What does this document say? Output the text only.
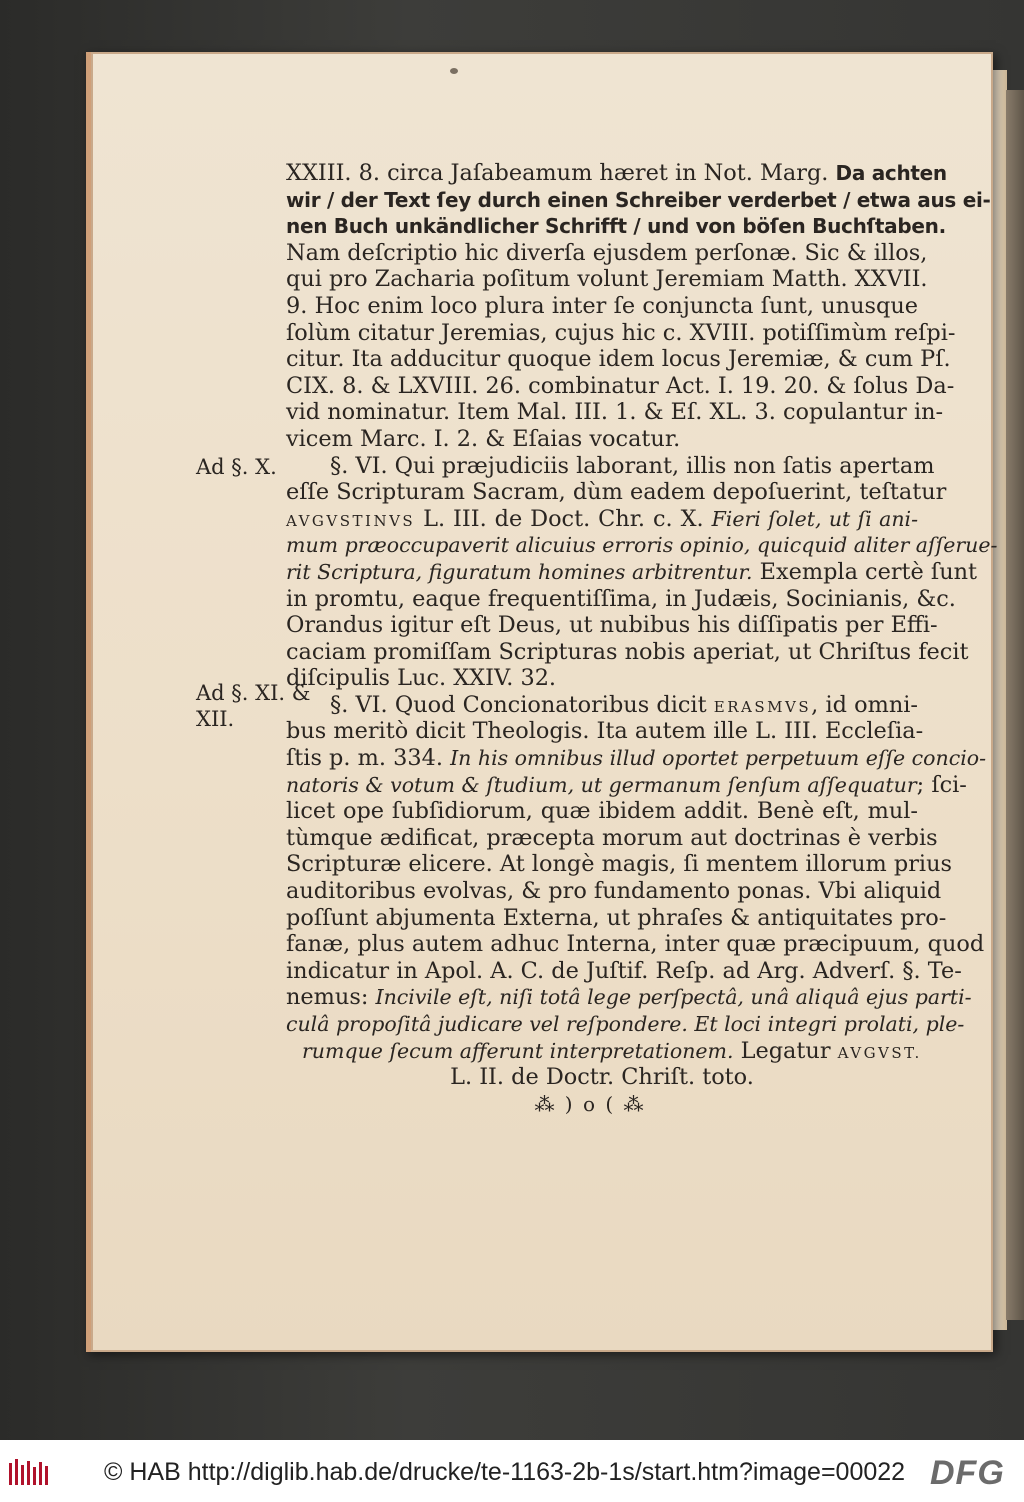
XXIII. 8. circa Jaſabeamum hæret in Not. Marg. Da achten
wir / der Text ſey durch einen Schreiber verderbet / etwa aus ei-
nen Buch unkändlicher Schrifft / und von böſen Buchſtaben.
Nam deſcriptio hic diverſa ejusdem perſonæ. Sic & illos,
qui pro Zacharia poſitum volunt Jeremiam Matth. XXVII.
9. Hoc enim loco plura inter ſe conjuncta ſunt, unusque
ſolùm citatur Jeremias, cujus hic c. XVIII. potiſſimùm reſpi-
citur. Ita adducitur quoque idem locus Jeremiæ, & cum Pſ.
CIX. 8. & LXVIII. 26. combinatur Act. I. 19. 20. & ſolus Da-
vid nominatur. Item Mal. III. 1. & Eſ. XL. 3. copulantur in-
vicem Marc. I. 2. & Eſaias vocatur.
§. VI. Qui præjudiciis laborant, illis non ſatis apertam
eſſe Scripturam Sacram, dùm eadem depoſuerint, teſtatur
AVGVSTINVS L. III. de Doct. Chr. c. X. Fieri ſolet, ut ſi ani-
mum præoccupaverit alicuius erroris opinio, quicquid aliter aſſerue-
rit Scriptura, figuratum homines arbitrentur. Exempla certè ſunt
in promtu, eaque frequentiſſima, in Judæis, Socinianis, &c.
Orandus igitur eſt Deus, ut nubibus his diſſipatis per Effi-
caciam promiſſam Scripturas nobis aperiat, ut Chriſtus fecit
diſcipulis Luc. XXIV. 32.
§. VI. Quod Concionatoribus dicit ERASMVS, id omni-
bus meritò dicit Theologis. Ita autem ille L. III. Eccleſia-
ſtis p. m. 334. In his omnibus illud oportet perpetuum eſſe concio-
natoris & votum & ſtudium, ut germanum ſenſum aſſequatur; ſci-
licet ope ſubſidiorum, quæ ibidem addit. Benè eſt, mul-
tùmque ædificat, præcepta morum aut doctrinas è verbis
Scripturæ elicere. At longè magis, ſi mentem illorum prius
auditoribus evolvas, & pro fundamento ponas. Vbi aliquid
poſſunt abjumenta Externa, ut phraſes & antiquitates pro-
fanæ, plus autem adhuc Interna, inter quæ præcipuum, quod
indicatur in Apol. A. C. de Juſtif. Reſp. ad Arg. Adverſ. §. Te-
nemus: Incivile eſt, niſi totâ lege perſpectâ, unâ aliquâ ejus parti-
culâ propoſitâ judicare vel reſpondere. Et loci integri prolati, ple-
rumque ſecum afferunt interpretationem. Legatur AVGVST.
L. II. de Doctr. Chriſt. toto.
Ad §. X.
Ad §. XI. &
XII.
⁂ ) o ( ⁂
© HAB http://diglib.hab.de/drucke/te-1163-2b-1s/start.htm?image=00022 DFG
